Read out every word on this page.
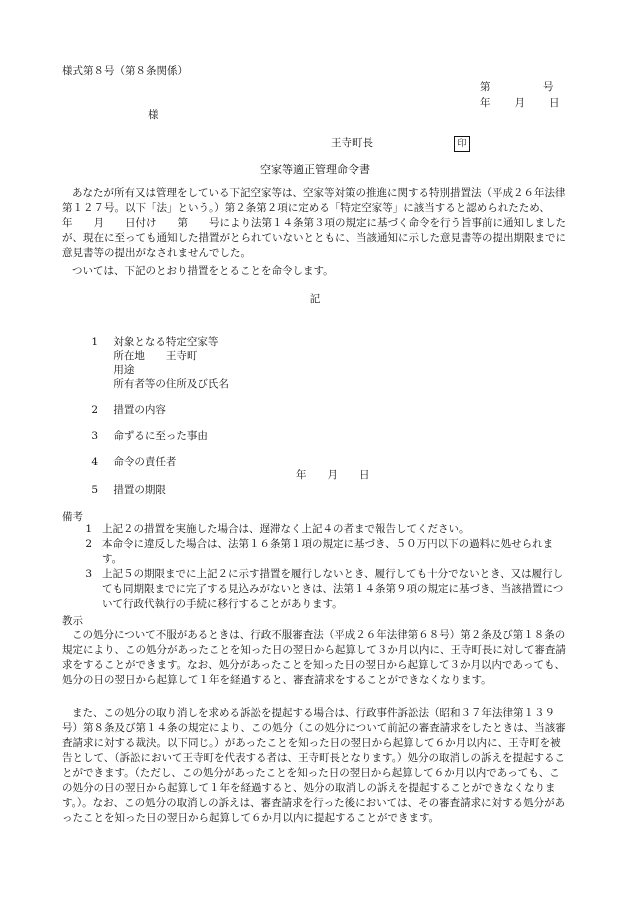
様式第８号（第８条関係）
第　　　　　号
年　　月　　日
様
王寺町長	印
空家等適正管理命令書
あなたが所有又は管理をしている下記空家等は、空家等対策の推進に関する特別措置法（平成２６年法律第１２７号。以下「法」という。）第２条第２項に定める「特定空家等」に該当すると認められたため、　　　　年　　月　　日付け　　第　　号により法第１４条第３項の規定に基づく命令を行う旨事前に通知しましたが、現在に至っても通知した措置がとられていないとともに、当該通知に示した意見書等の提出期限までに意見書等の提出がなされませんでした。
ついては、下記のとおり措置をとることを命令します。
記

1 対象となる特定空家等

所在地　　王寺町

用途

所有者等の住所及び氏名

2 措置の内容

3 命ずるに至った事由

4 命令の責任者

5 措置の期限

年　　月　　日
備考
1 上記２の措置を実施した場合は、遅滞なく上記４の者まで報告してください。
2 本命令に違反した場合は、法第１６条第１項の規定に基づき、５０万円以下の過料に処せられます。
3 上記５の期限までに上記２に示す措置を履行しないとき、履行しても十分でないとき、又は履行しても同期限までに完了する見込みがないときは、法第１４条第９項の規定に基づき、当該措置について行政代執行の手続に移行することがあります。
教示
この処分について不服があるときは、行政不服審査法（平成２６年法律第６８号）第２条及び第１８条の規定により、この処分があったことを知った日の翌日から起算して３か月以内に、王寺町長に対して審査請求をすることができます。なお、処分があったことを知った日の翌日から起算して３か月以内であっても、処分の日の翌日から起算して１年を経過すると、審査請求をすることができなくなります。
また、この処分の取り消しを求める訴訟を提起する場合は、行政事件訴訟法（昭和３７年法律第１３９号）第８条及び第１４条の規定により、この処分（この処分について前記の審査請求をしたときは、当該審査請求に対する裁決。以下同じ。）があったことを知った日の翌日から起算して６か月以内に、王寺町を被告として、（訴訟において王寺町を代表する者は、王寺町長となります。）処分の取消しの訴えを提起することができます。（ただし、この処分があったことを知った日の翌日から起算して６か月以内であっても、この処分の日の翌日から起算して１年を経過すると、処分の取消しの訴えを提起することができなくなります。）。なお、この処分の取消しの訴えは、審査請求を行った後においては、その審査請求に対する処分があったことを知った日の翌日から起算して６か月以内に提起することができます。
